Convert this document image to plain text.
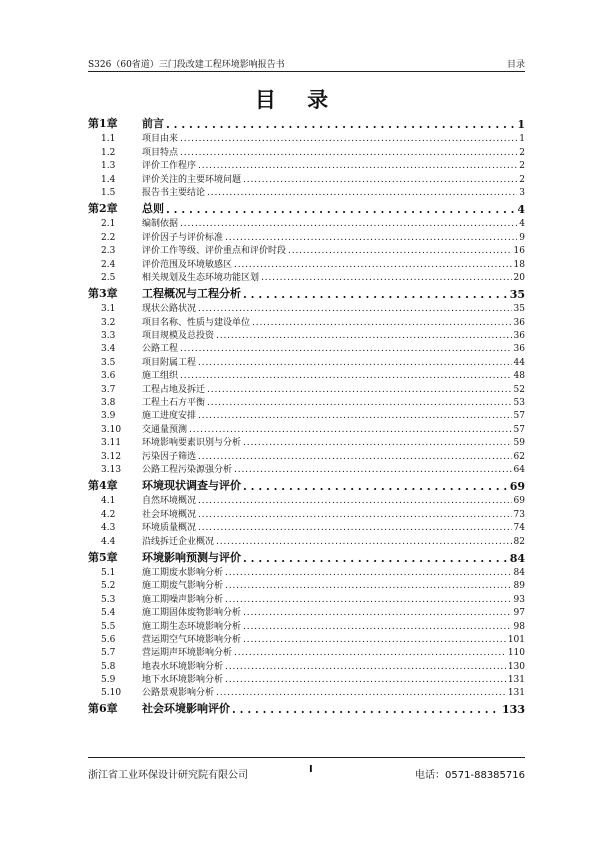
S326（60省道）三门段改建工程环境影响报告书	目录
目 录
第1章	前言 . . .	1
1.1	项目由来 . . .	1
1.2	项目特点 . . .	2
1.3	评价工作程序 . . .	2
1.4	评价关注的主要环境问题 . . .	2
1.5	报告书主要结论 . . .	3
第2章	总则 . . .	4
2.1	编制依据 . . .	4
2.2	评价因子与评价标准 . . .	9
2.3	评价工作等级、评价重点和评价时段 . . .	16
2.4	评价范围及环境敏感区 . . .	18
2.5	相关规划及生态环境功能区划 . . .	20
第3章	工程概况与工程分析 . . .	35
3.1	现状公路状况 . . .	35
3.2	项目名称、性质与建设单位 . . .	36
3.3	项目规模及总投资 . . .	36
3.4	公路工程 . . .	36
3.5	项目附属工程 . . .	44
3.6	施工组织 . . .	48
3.7	工程占地及拆迁 . . .	52
3.8	工程土石方平衡 . . .	53
3.9	施工进度安排 . . .	57
3.10	交通量预测 . . .	57
3.11	环境影响要素识别与分析 . . .	59
3.12	污染因子筛选 . . .	62
3.13	公路工程污染源强分析 . . .	64
第4章	环境现状调查与评价 . . .	69
4.1	自然环境概况 . . .	69
4.2	社会环境概况 . . .	73
4.3	环境质量概况 . . .	74
4.4	沿线拆迁企业概况 . . .	82
第5章	环境影响预测与评价 . . .	84
5.1	施工期废水影响分析 . . .	84
5.2	施工期废气影响分析 . . .	89
5.3	施工期噪声影响分析 . . .	93
5.4	施工期固体废物影响分析 . . .	97
5.5	施工期生态环境影响分析 . . .	98
5.6	营运期空气环境影响分析 . . .	101
5.7	营运期声环境影响分析 . . .	110
5.8	地表水环境影响分析 . . .	130
5.9	地下水环境影响分析 . . .	131
5.10	公路景观影响分析 . . .	131
第6章	社会环境影响评价 . . .	133
浙江省工业环保设计研究院有限公司
I
电话：0571-88385716
